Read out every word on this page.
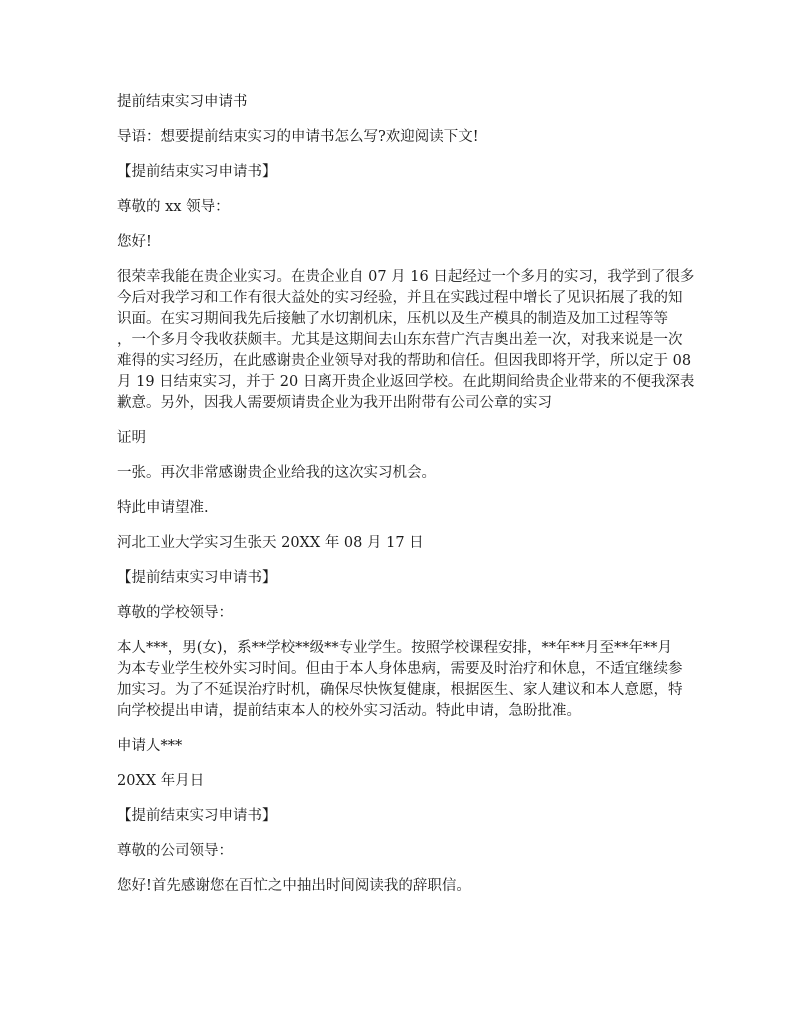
提前结束实习申请书

导语：想要提前结束实习的申请书怎么写?欢迎阅读下文!

【提前结束实习申请书】

尊敬的 xx 领导：

您好!

很荣幸我能在贵企业实习。在贵企业自 07 月 16 日起经过一个多月的实习，我学到了很多
今后对我学习和工作有很大益处的实习经验，并且在实践过程中增长了见识拓展了我的知
识面。在实习期间我先后接触了水切割机床，压机以及生产模具的制造及加工过程等等
，一个多月令我收获颇丰。尤其是这期间去山东东营广汽吉奥出差一次，对我来说是一次
难得的实习经历，在此感谢贵企业领导对我的帮助和信任。但因我即将开学，所以定于 08
月 19 日结束实习，并于 20 日离开贵企业返回学校。在此期间给贵企业带来的不便我深表
歉意。另外，因我人需要烦请贵企业为我开出附带有公司公章的实习

证明

一张。再次非常感谢贵企业给我的这次实习机会。

特此申请望准.

河北工业大学实习生张天 20XX 年 08 月 17 日

【提前结束实习申请书】

尊敬的学校领导：

本人***，男(女)，系**学校**级**专业学生。按照学校课程安排，**年**月至**年**月
为本专业学生校外实习时间。但由于本人身体患病，需要及时治疗和休息，不适宜继续参
加实习。为了不延误治疗时机，确保尽快恢复健康，根据医生、家人建议和本人意愿，特
向学校提出申请，提前结束本人的校外实习活动。特此申请，急盼批准。

申请人***

20XX 年月日

【提前结束实习申请书】

尊敬的公司领导：

您好!首先感谢您在百忙之中抽出时间阅读我的辞职信。
